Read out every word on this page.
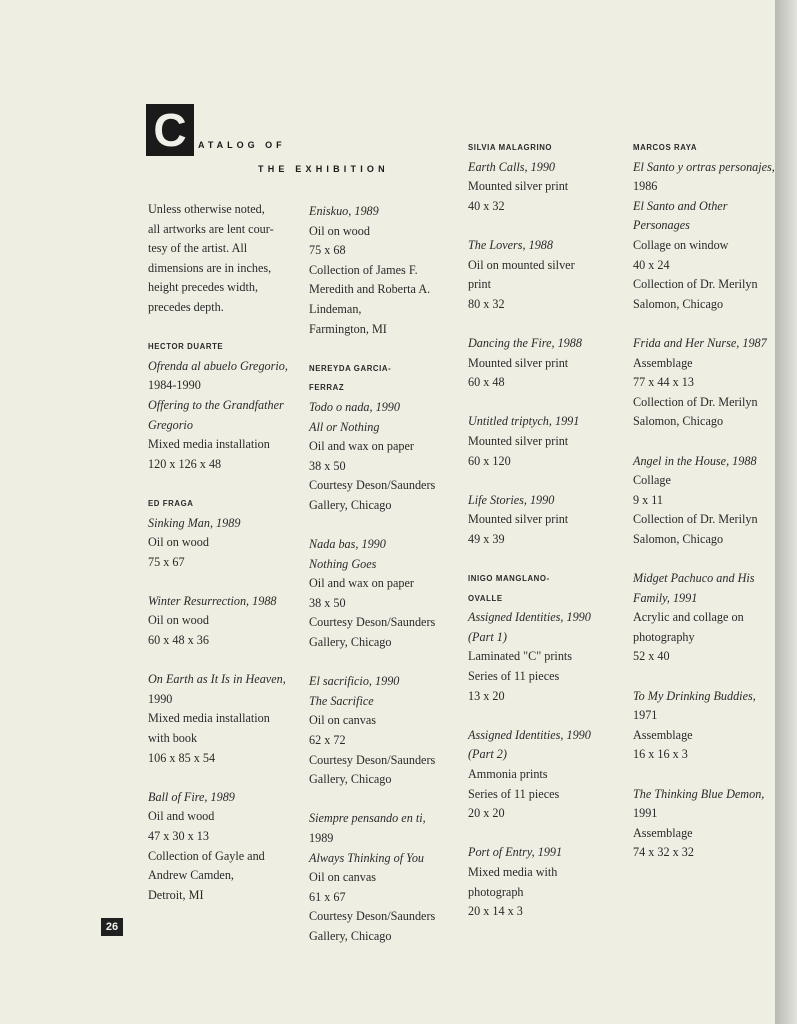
C	ATALOG OF
THE EXHIBITION
Unless otherwise noted,
all artworks are lent cour-
tesy of the artist. All
dimensions are in inches,
height precedes width,
precedes depth.
HECTOR DUARTE
Ofrenda al abuelo Gregorio,
1984-1990
Offering to the Grandfather
Gregorio
Mixed media installation
120 x 126 x 48
ED FRAGA
Sinking Man, 1989
Oil on wood
75 x 67
Winter Resurrection, 1988
Oil on wood
60 x 48 x 36
On Earth as It Is in Heaven,
1990
Mixed media installation
with book
106 x 85 x 54
Ball of Fire, 1989
Oil and wood
47 x 30 x 13
Collection of Gayle and
Andrew Camden,
Detroit, MI
Eniskuo, 1989
Oil on wood
75 x 68
Collection of James F.
Meredith and Roberta A.
Lindeman,
Farmington, MI
NEREYDA GARCIA-
FERRAZ
Todo o nada, 1990
All or Nothing
Oil and wax on paper
38 x 50
Courtesy Deson/Saunders
Gallery, Chicago
Nada bas, 1990
Nothing Goes
Oil and wax on paper
38 x 50
Courtesy Deson/Saunders
Gallery, Chicago
El sacrificio, 1990
The Sacrifice
Oil on canvas
62 x 72
Courtesy Deson/Saunders
Gallery, Chicago
Siempre pensando en ti,
1989
Always Thinking of You
Oil on canvas
61 x 67
Courtesy Deson/Saunders
Gallery, Chicago
SILVIA MALAGRINO
Earth Calls, 1990
Mounted silver print
40 x 32
The Lovers, 1988
Oil on mounted silver
print
80 x 32
Dancing the Fire, 1988
Mounted silver print
60 x 48
Untitled triptych, 1991
Mounted silver print
60 x 120
Life Stories, 1990
Mounted silver print
49 x 39
INIGO MANGLANO-
OVALLE
Assigned Identities, 1990
(Part 1)
Laminated "C" prints
Series of 11 pieces
13 x 20
Assigned Identities, 1990
(Part 2)
Ammonia prints
Series of 11 pieces
20 x 20
Port of Entry, 1991
Mixed media with
photograph
20 x 14 x 3
MARCOS RAYA
El Santo y ortras personajes,
1986
El Santo and Other
Personages
Collage on window
40 x 24
Collection of Dr. Merilyn
Salomon, Chicago
Frida and Her Nurse, 1987
Assemblage
77 x 44 x 13
Collection of Dr. Merilyn
Salomon, Chicago
Angel in the House, 1988
Collage
9 x 11
Collection of Dr. Merilyn
Salomon, Chicago
Midget Pachuco and His
Family, 1991
Acrylic and collage on
photography
52 x 40
To My Drinking Buddies,
1971
Assemblage
16 x 16 x 3
The Thinking Blue Demon,
1991
Assemblage
74 x 32 x 32
26
